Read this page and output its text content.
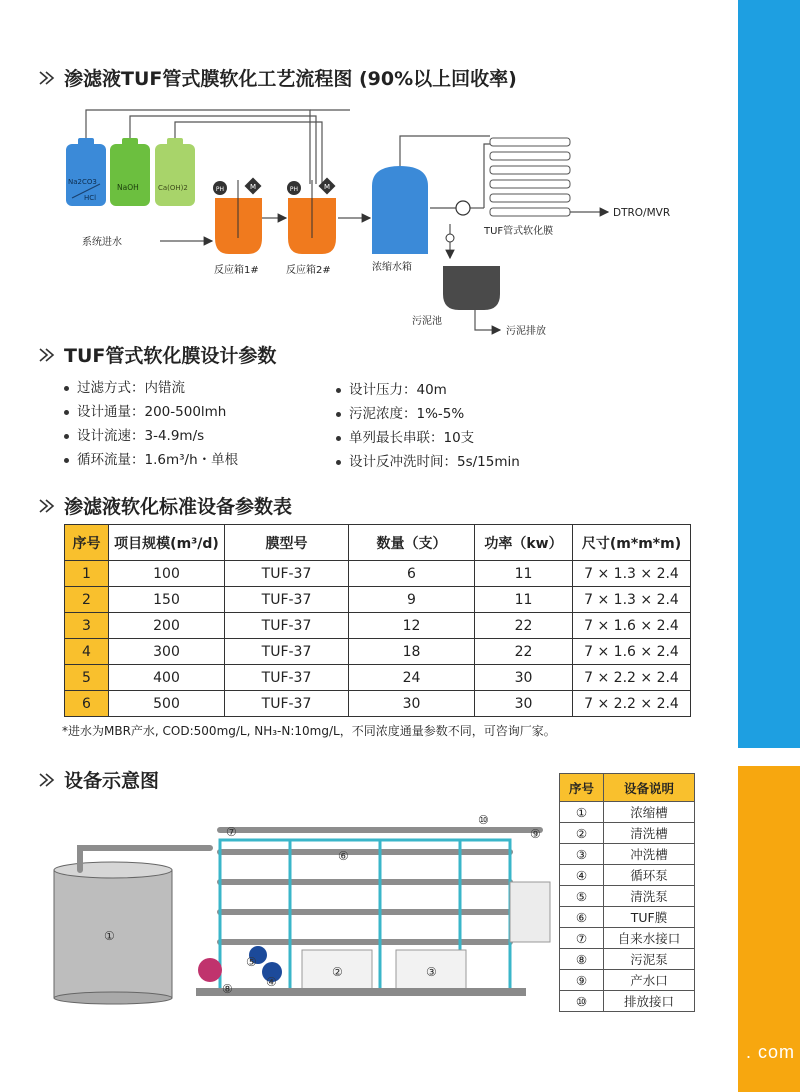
. com
渗滤液TUF管式膜软化工艺流程图 (90%以上回收率)
Na2CO3
HCl
NaOH	Ca(OH)2	PH	M
反应箱1#
PH	M
反应箱2#	浓缩水箱
TUF管式软化膜
DTRO/MVR
污泥池
污泥排放
系统进水
TUF管式软化膜设计参数
过滤方式：内错流
设计通量：200-500lmh
设计流速：3-4.9m/s
循环流量：1.6m³/h・单根
设计压力：40m
污泥浓度：1%-5%
单列最长串联：10支
设计反冲洗时间：5s/15min
渗滤液软化标准设备参数表
序号	项目规模(m³/d)	膜型号	数量（支）	功率（kw）	尺寸(m*m*m)
1	100	TUF-37	6	11	7 × 1.3 × 2.4
2	150	TUF-37	9	11	7 × 1.3 × 2.4
3	200	TUF-37	12	22	7 × 1.6 × 2.4
4	300	TUF-37	18	22	7 × 1.6 × 2.4
5	400	TUF-37	24	30	7 × 2.2 × 2.4
6	500	TUF-37	30	30	7 × 2.2 × 2.4
*进水为MBR产水, COD:500mg/L, NH₃-N:10mg/L，不同浓度通量参数不同，可咨询厂家。
设备示意图
①
②	③
④
⑤
⑥
⑦
⑧
⑨
⑩
序号	设备说明
①	浓缩槽
②	清洗槽
③	冲洗槽
④	循环泵
⑤	清洗泵
⑥	TUF膜
⑦	自来水接口
⑧	污泥泵
⑨	产水口
⑩	排放接口
